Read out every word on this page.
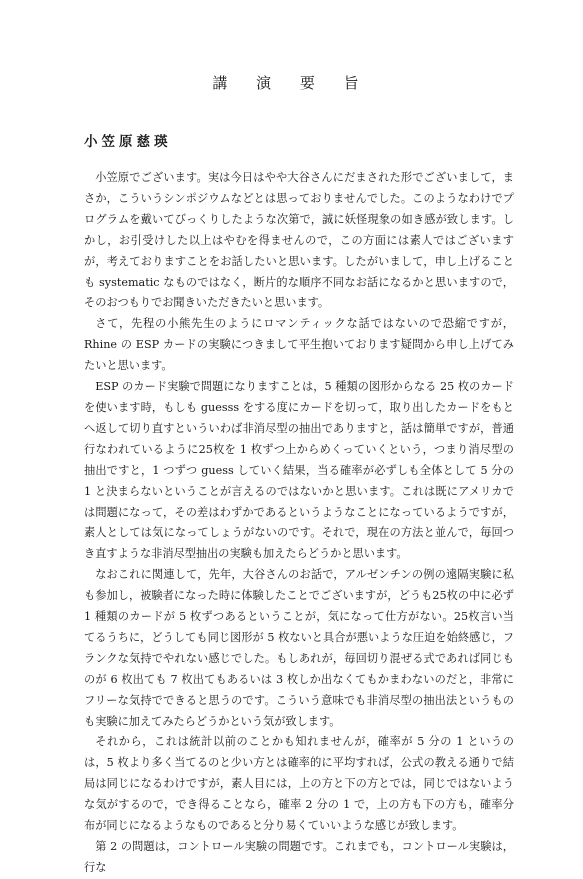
講 演 要 旨
小笠原慈瑛

小笠原でございます。実は今日はやや大谷さんにだまされた形でございまして，まさか，こういうシンポジウムなどとは思っておりませんでした。このようなわけでプログラムを戴いてびっくりしたような次第で，誠に妖怪現象の如き感が致します。しかし，お引受けした以上はやむを得ませんので，この方面には素人ではございますが，考えておりますことをお話したいと思います。したがいまして，申し上げることも systematic なものではなく，断片的な順序不同なお話になるかと思いますので，そのおつもりでお聞きいただきたいと思います。

さて，先程の小熊先生のようにロマンティックな話ではないので恐縮ですが，Rhine の ESP カードの実験につきまして平生抱いております疑問から申し上げてみたいと思います。

ESP のカード実験で問題になりますことは，5 種類の図形からなる 25 枚のカードを使います時，もしも guesss をする度にカードを切って，取り出したカードをもとへ返して切り直すといういわば非消尽型の抽出でありますと，話は簡単ですが，普通行なわれているように25枚を 1 枚ずつ上からめくっていくという，つまり消尽型の抽出ですと，1 つずつ guess していく結果，当る確率が必ずしも全体として 5 分の 1 と決まらないということが言えるのではないかと思います。これは既にアメリカでは問題になって，その差はわずかであるというようなことになっているようですが，素人としては気になってしょうがないのです。それで，現在の方法と並んで，毎回つき直すような非消尽型抽出の実験も加えたらどうかと思います。

なおこれに関連して，先年，大谷さんのお話で，アルゼンチンの例の遠隔実験に私も参加し，被験者になった時に体験したことでございますが，どうも25枚の中に必ず 1 種類のカードが 5 枚ずつあるということが，気になって仕方がない。25枚言い当てるうちに，どうしても同じ図形が 5 枚ないと具合が悪いような圧迫を始終感じ，フランクな気持でやれない感じでした。もしあれが，毎回切り混ぜる式であれば同じものが 6 枚出ても 7 枚出てもあるいは 3 枚しか出なくてもかまわないのだと，非常にフリーな気持でできると思うのです。こういう意味でも非消尽型の抽出法というものも実験に加えてみたらどうかという気が致します。

それから，これは統計以前のことかも知れませんが，確率が 5 分の 1 というのは，5 枚より多く当てるのと少い方とは確率的に平均すれば，公式の教える通りで結局は同じになるわけですが，素人目には，上の方と下の方とでは，同じではないような気がするので，でき得ることなら，確率 2 分の 1 で，上の方も下の方も，確率分布が同じになるようなものであると分り易くていいような感じが致します。

第 2 の問題は，コントロール実験の問題です。これまでも，コントロール実験は，行な
